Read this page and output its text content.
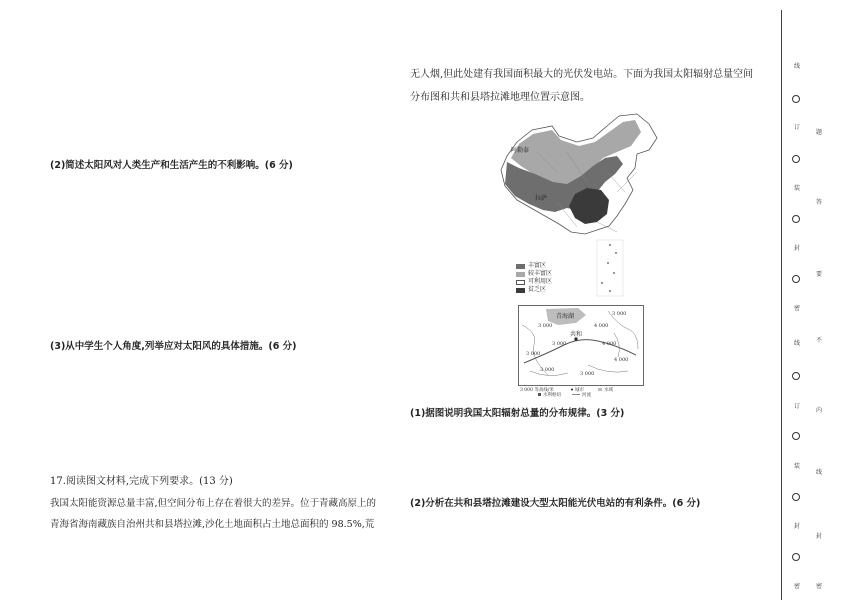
(2)简述太阳风对人类生产和生活产生的不利影响。(6 分)
(3)从中学生个人角度,列举应对太阳风的具体措施。(6 分)
17.阅读图文材料,完成下列要求。(13 分)
我国太阳能资源总量丰富,但空间分布上存在着很大的差异。位于青藏高原上的
青海省海南藏族自治州共和县塔拉滩,沙化土地面积占土地总面积的 98.5%,荒
无人烟,但此处建有我国面积最大的光伏发电站。下面为我国太阳辐射总量空间
分布图和共和县塔拉滩地理位置示意图。
阿勒泰
拉萨
丰富区
较丰富区
可利用区
贫乏区
青海湖
共和
3 000
3 000
4 000
3 000	4 000
3 000
4 000
3 000
3 000
3 000 等高线/米	城市	水域
水利枢纽	河流
(1)据图说明我国太阳辐射总量的分布规律。(3 分)
(2)分析在共和县塔拉滩建设大型太阳能光伏电站的有利条件。(6 分)
线
订
题
装
答
封
要
密
不
线
内
订
线
装
封
封
密	密
